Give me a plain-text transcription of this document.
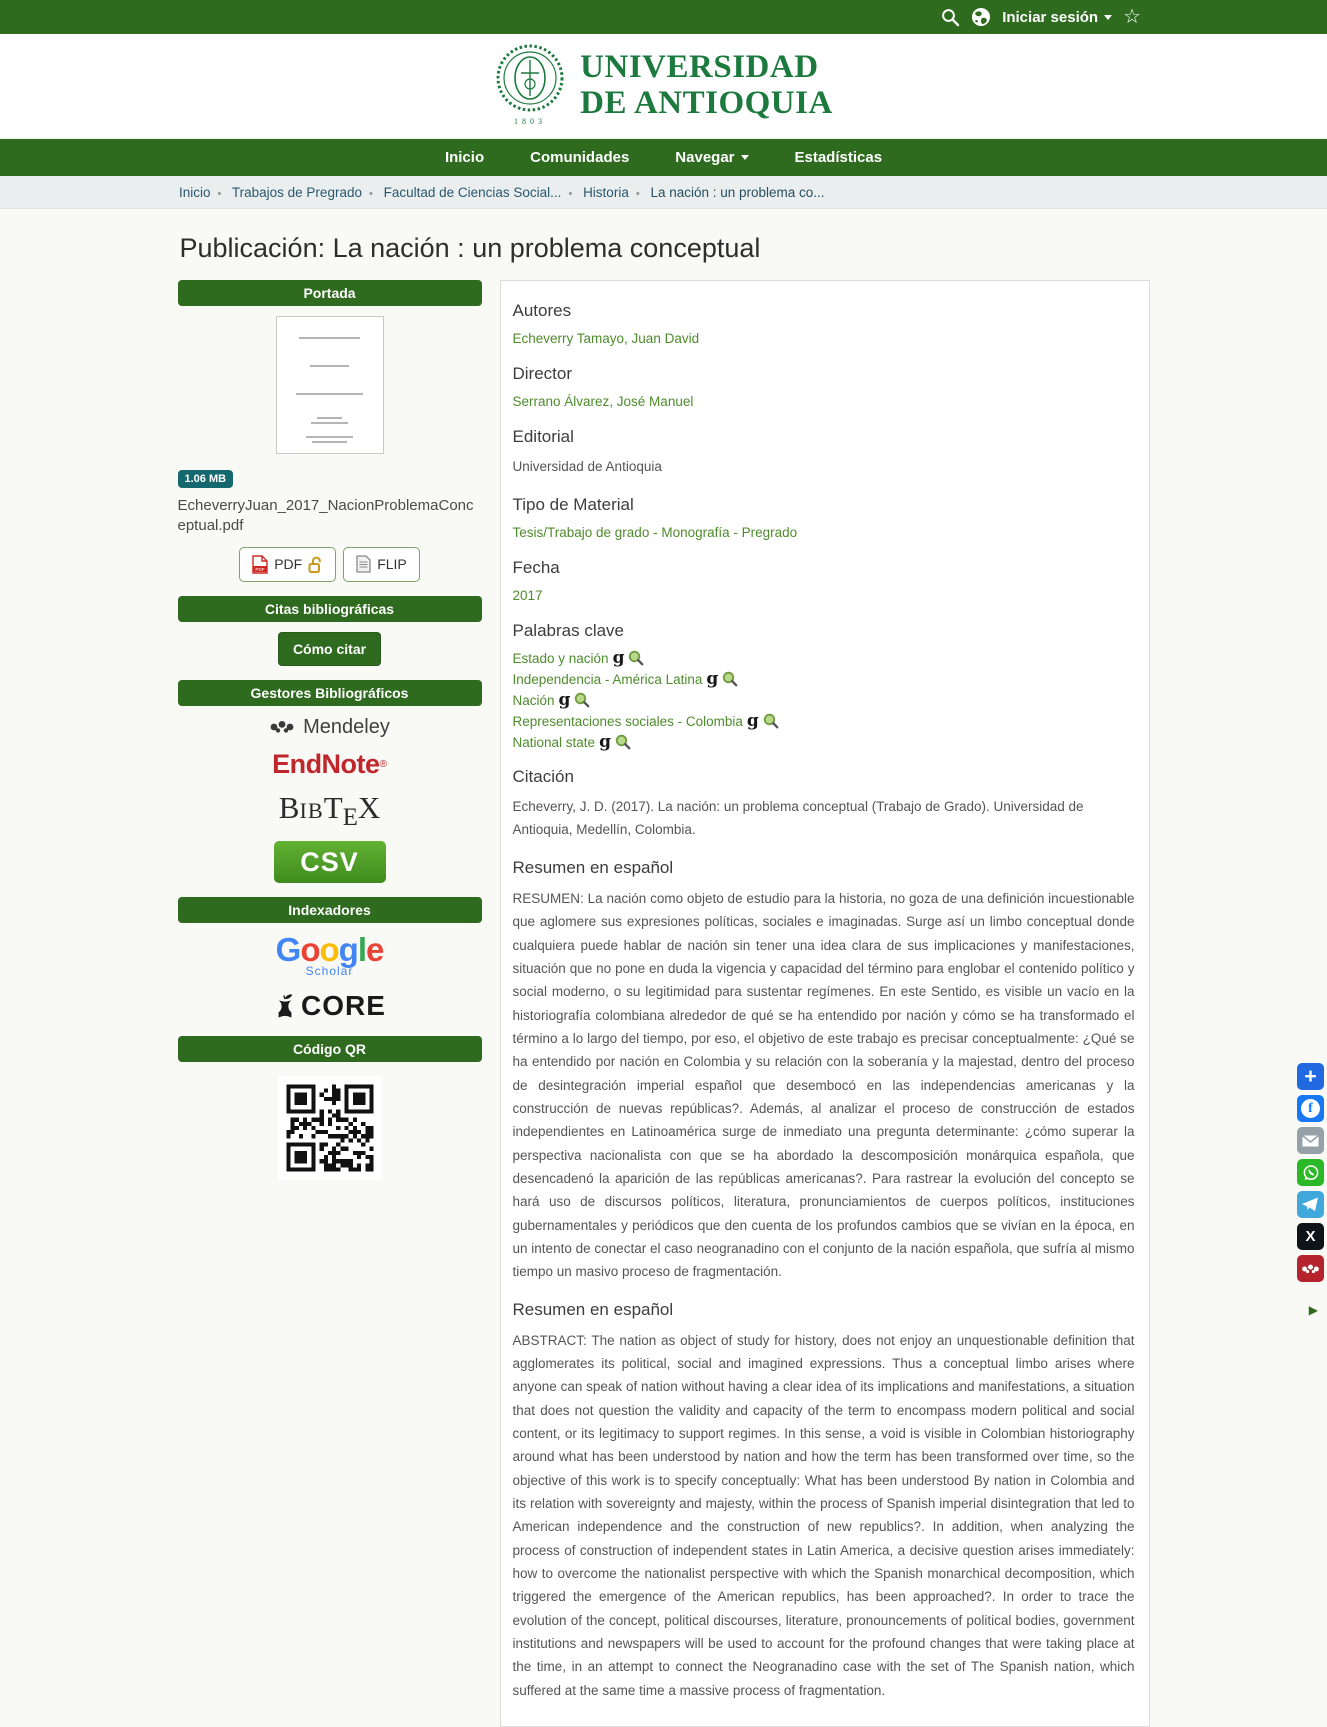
Iniciar sesión ☆
1803
UNIVERSIDAD
DE ANTIOQUIA
Inicio	Comunidades	Navegar	Estadísticas
Inicio • Trabajos de Pregrado • Facultad de Ciencias Social... • Historia • La nación : un problema co...
Publicación: La nación : un problema conceptual
Portada
1.06 MB
EcheverryJuan_2017_NacionProblemaConceptual.pdf
PDF PDF	FLIP
Citas bibliográficas
Cómo citar
Gestores Bibliográficos
Mendeley
EndNote ®
$BIBT_EX$
CSV
Indexadores
Google
Scholar
CORE
Código QR
Autores
Echeverry Tamayo, Juan David
Director
Serrano Álvarez, José Manuel
Editorial
Universidad de Antioquia
Tipo de Material
Tesis/Trabajo de grado - Monografía - Pregrado
Fecha
2017
Palabras clave
Estado y nación g
Independencia - América Latina g
Nación g
Representaciones sociales - Colombia g
National state g
Citación
Echeverry, J. D. (2017). La nación: un problema conceptual (Trabajo de Grado). Universidad de Antioquia, Medellín, Colombia.
Resumen en español

RESUMEN: La nación como objeto de estudio para la historia, no goza de una definición incuestionable que aglomere sus expresiones políticas, sociales e imaginadas. Surge así un limbo conceptual donde cualquiera puede hablar de nación sin tener una idea clara de sus implicaciones y manifestaciones, situación que no pone en duda la vigencia y capacidad del término para englobar el contenido político y social moderno, o su legitimidad para sustentar regímenes. En este Sentido, es visible un vacío en la historiografía colombiana alrededor de qué se ha entendido por nación y cómo se ha transformado el término a lo largo del tiempo, por eso, el objetivo de este trabajo es precisar conceptualmente: ¿Qué se ha entendido por nación en Colombia y su relación con la soberanía y la majestad, dentro del proceso de desintegración imperial español que desembocó en las independencias americanas y la construcción de nuevas repúblicas?. Además, al analizar el proceso de construcción de estados independientes en Latinoamérica surge de inmediato una pregunta determinante: ¿cómo superar la perspectiva nacionalista con que se ha abordado la descomposición monárquica española, que desencadenó la aparición de las repúblicas americanas?. Para rastrear la evolución del concepto se hará uso de discursos políticos, literatura, pronunciamientos de cuerpos políticos, instituciones gubernamentales y periódicos que den cuenta de los profundos cambios que se vivían en la época, en un intento de conectar el caso neogranadino con el conjunto de la nación española, que sufría al mismo tiempo un masivo proceso de fragmentación.

Resumen en español

ABSTRACT: The nation as object of study for history, does not enjoy an unquestionable definition that agglomerates its political, social and imagined expressions. Thus a conceptual limbo arises where anyone can speak of nation without having a clear idea of its implications and manifestations, a situation that does not question the validity and capacity of the term to encompass modern political and social content, or its legitimacy to support regimes. In this sense, a void is visible in Colombian historiography around what has been understood by nation and how the term has been transformed over time, so the objective of this work is to specify conceptually: What has been understood By nation in Colombia and its relation with sovereignty and majesty, within the process of Spanish imperial disintegration that led to American independence and the construction of new republics?. In addition, when analyzing the process of construction of independent states in Latin America, a decisive question arises immediately: how to overcome the nationalist perspective with which the Spanish monarchical decomposition, which triggered the emergence of the American republics, has been approached?. In order to trace the evolution of the concept, political discourses, literature, pronouncements of political bodies, government institutions and newspapers will be used to account for the profound changes that were taking place at the time, in an attempt to connect the Neogranadino case with the set of The Spanish nation, which suffered at the same time a massive process of fragmentation.

+
f
X
▶
